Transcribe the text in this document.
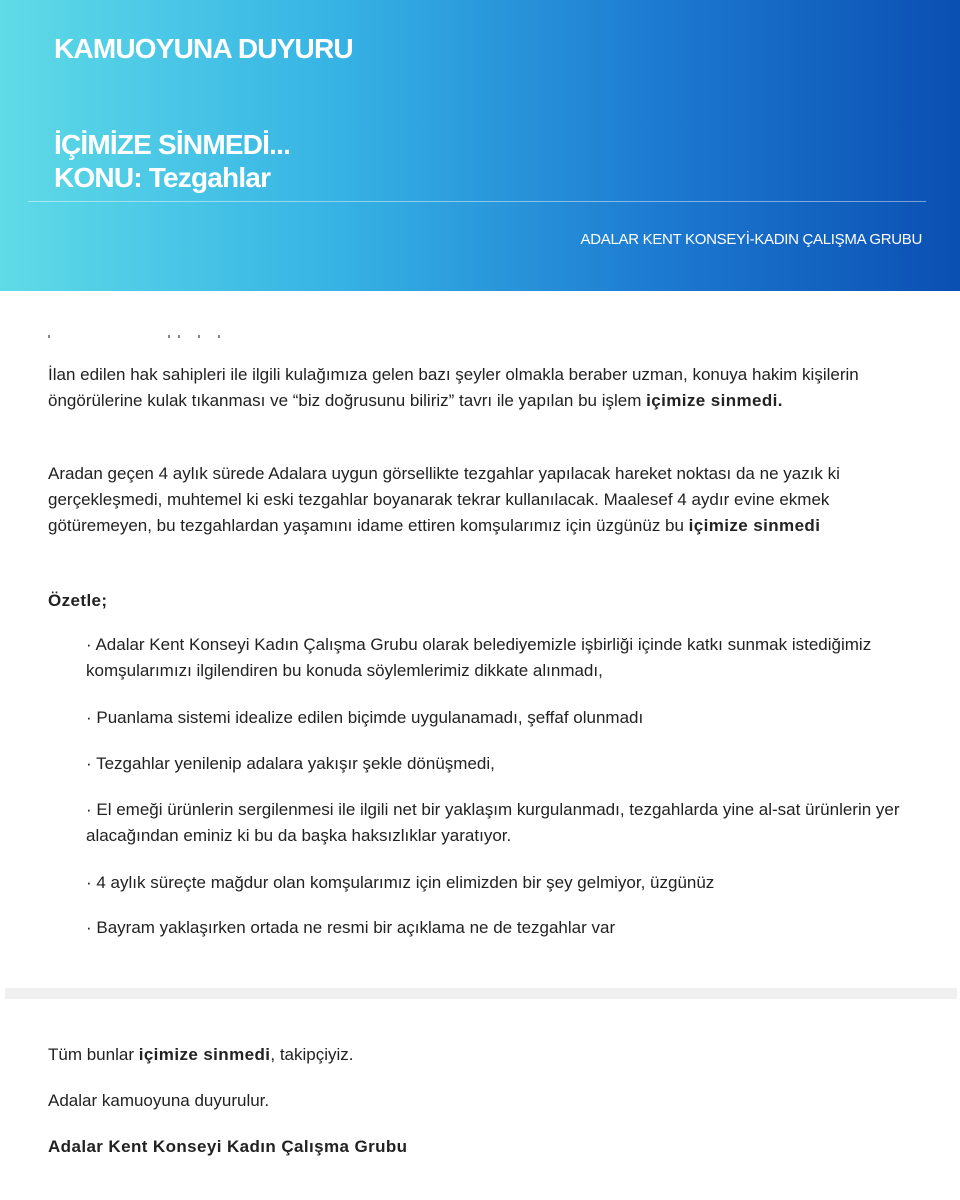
KAMUOYUNA DUYURU
İÇİMİZE SİNMEDİ...
KONU: Tezgahlar
ADALAR KENT KONSEYİ-KADIN ÇALIŞMA GRUBU

İlan edilen hak sahipleri ile ilgili kulağımıza gelen bazı şeyler olmakla beraber uzman, konuya hakim kişilerin öngörülerine kulak tıkanması ve “biz doğrusunu biliriz” tavrı ile yapılan bu işlem içimize sinmedi.

Aradan geçen 4 aylık sürede Adalara uygun görsellikte tezgahlar yapılacak hareket noktası da ne yazık ki gerçekleşmedi, muhtemel ki eski tezgahlar boyanarak tekrar kullanılacak. Maalesef 4 aydır evine ekmek götüremeyen, bu tezgahlardan yaşamını idame ettiren komşularımız için üzgünüz bu içimize sinmedi

Özetle;

· Adalar Kent Konseyi Kadın Çalışma Grubu olarak belediyemizle işbirliği içinde katkı sunmak istediğimiz komşularımızı ilgilendiren bu konuda söylemlerimiz dikkate alınmadı,

· Puanlama sistemi idealize edilen biçimde uygulanamadı, şeffaf olunmadı

· Tezgahlar yenilenip adalara yakışır şekle dönüşmedi,

· El emeği ürünlerin sergilenmesi ile ilgili net bir yaklaşım kurgulanmadı, tezgahlarda yine al-sat ürünlerin yer alacağından eminiz ki bu da başka haksızlıklar yaratıyor.

· 4 aylık süreçte mağdur olan komşularımız için elimizden bir şey gelmiyor, üzgünüz

· Bayram yaklaşırken ortada ne resmi bir açıklama ne de tezgahlar var

Tüm bunlar içimize sinmedi, takipçiyiz.

Adalar kamuoyuna duyurulur.

Adalar Kent Konseyi Kadın Çalışma Grubu
